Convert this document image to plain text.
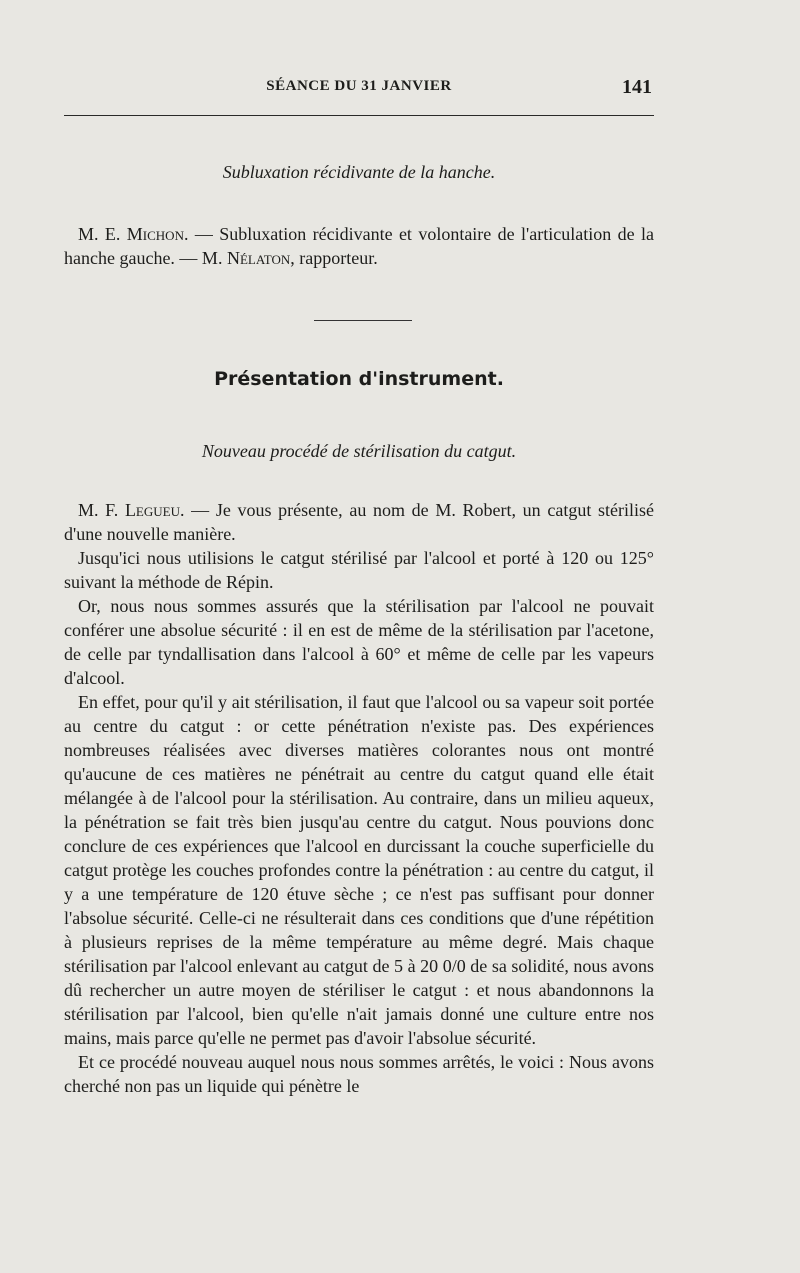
SÉANCE DU 31 JANVIER	141
Subluxation récidivante de la hanche.

M. E. Michon. — Subluxation récidivante et volontaire de l'articulation de la hanche gauche. — M. Nélaton, rapporteur.

Présentation d'instrument.
Nouveau procédé de stérilisation du catgut.

M. F. Legueu. — Je vous présente, au nom de M. Robert, un catgut stérilisé d'une nouvelle manière.

Jusqu'ici nous utilisions le catgut stérilisé par l'alcool et porté à 120 ou 125° suivant la méthode de Répin.

Or, nous nous sommes assurés que la stérilisation par l'alcool ne pouvait conférer une absolue sécurité : il en est de même de la stérilisation par l'acetone, de celle par tyndallisation dans l'alcool à 60° et même de celle par les vapeurs d'alcool.

En effet, pour qu'il y ait stérilisation, il faut que l'alcool ou sa vapeur soit portée au centre du catgut : or cette pénétration n'existe pas. Des expériences nombreuses réalisées avec diverses matières colorantes nous ont montré qu'aucune de ces matières ne pénétrait au centre du catgut quand elle était mélangée à de l'alcool pour la stérilisation. Au contraire, dans un milieu aqueux, la pénétration se fait très bien jusqu'au centre du catgut. Nous pouvions donc conclure de ces expériences que l'alcool en durcissant la couche superficielle du catgut protège les couches profondes contre la pénétration : au centre du catgut, il y a une température de 120 étuve sèche ; ce n'est pas suffisant pour donner l'absolue sécurité. Celle-ci ne résulterait dans ces conditions que d'une répétition à plusieurs reprises de la même température au même degré. Mais chaque stérilisation par l'alcool enlevant au catgut de 5 à 20 0/0 de sa solidité, nous avons dû rechercher un autre moyen de stériliser le catgut : et nous abandonnons la stérilisation par l'alcool, bien qu'elle n'ait jamais donné une culture entre nos mains, mais parce qu'elle ne permet pas d'avoir l'absolue sécurité.

Et ce procédé nouveau auquel nous nous sommes arrêtés, le voici : Nous avons cherché non pas un liquide qui pénètre le
